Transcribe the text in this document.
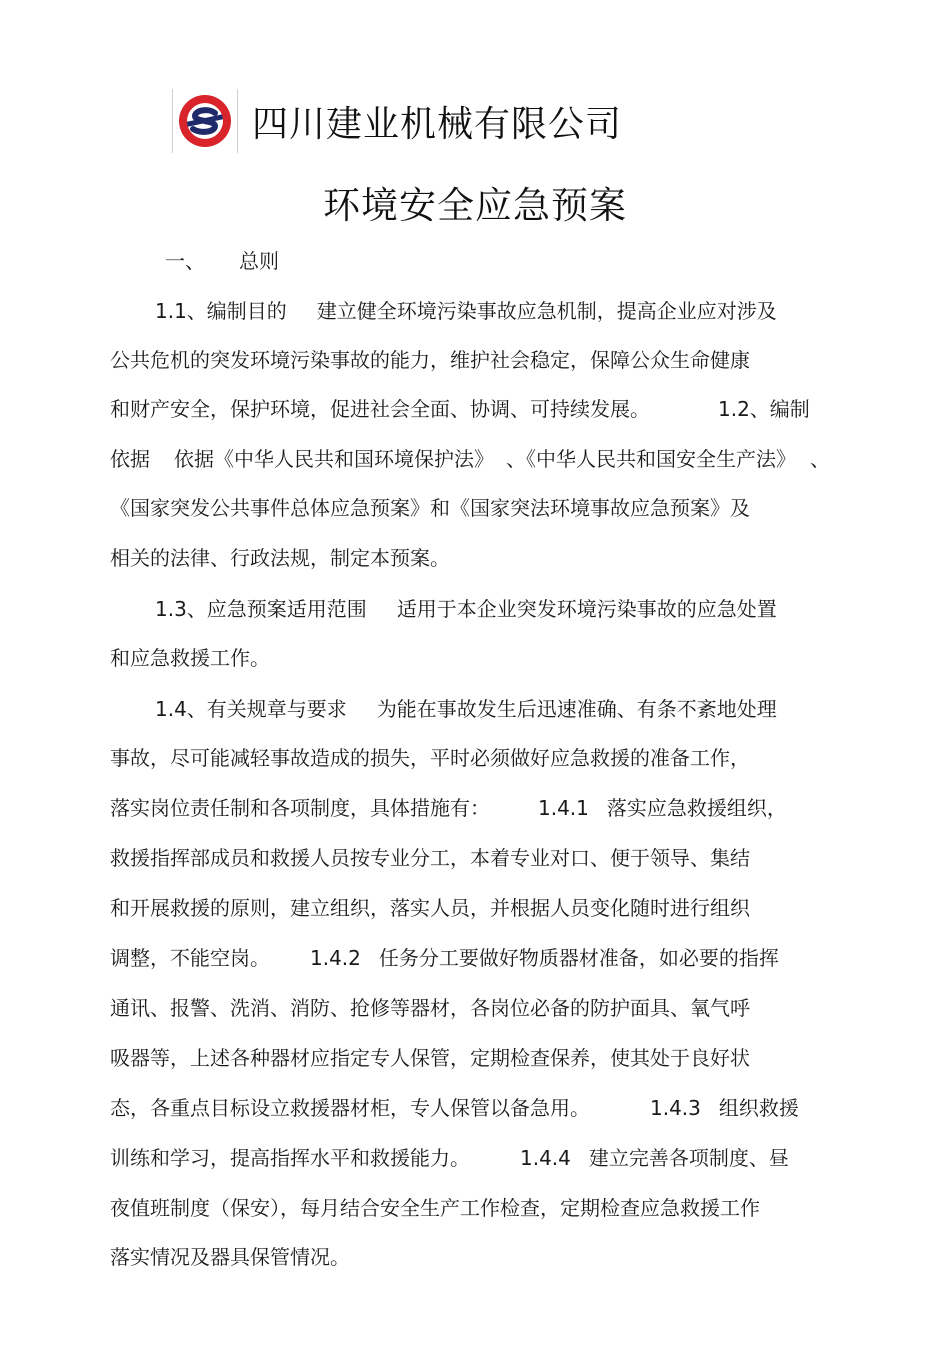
四川建业机械有限公司
环境安全应急预案
一、 总则
1.1、编制目的 建立健全环境污染事故应急机制，提高企业应对涉及
公共危机的突发环境污染事故的能力，维护社会稳定，保障公众生命健康
和财产安全，保护环境，促进社会全面、协调、可持续发展。	1.2、编制
依据 依据《中华人民共和国环境保护法》 、《中华人民共和国安全生产法》 、
《国家突发公共事件总体应急预案》和《国家突法环境事故应急预案》及
相关的法律、行政法规，制定本预案。
1.3、应急预案适用范围 适用于本企业突发环境污染事故的应急处置
和应急救援工作。
1.4、有关规章与要求 为能在事故发生后迅速准确、有条不紊地处理
事故，尽可能减轻事故造成的损失，平时必须做好应急救援的准备工作，
落实岗位责任制和各项制度，具体措施有： 1.4.1 落实应急救援组织，
救援指挥部成员和救援人员按专业分工，本着专业对口、便于领导、集结
和开展救援的原则，建立组织，落实人员，并根据人员变化随时进行组织
调整，不能空岗。 1.4.2 任务分工要做好物质器材准备，如必要的指挥
通讯、报警、洗消、消防、抢修等器材，各岗位必备的防护面具、氧气呼
吸器等，上述各种器材应指定专人保管，定期检查保养，使其处于良好状
态，各重点目标设立救援器材柜，专人保管以备急用。	1.4.3 组织救援
训练和学习，提高指挥水平和救援能力。	1.4.4 建立完善各项制度、昼
夜值班制度（保安），每月结合安全生产工作检查，定期检查应急救援工作
落实情况及器具保管情况。
